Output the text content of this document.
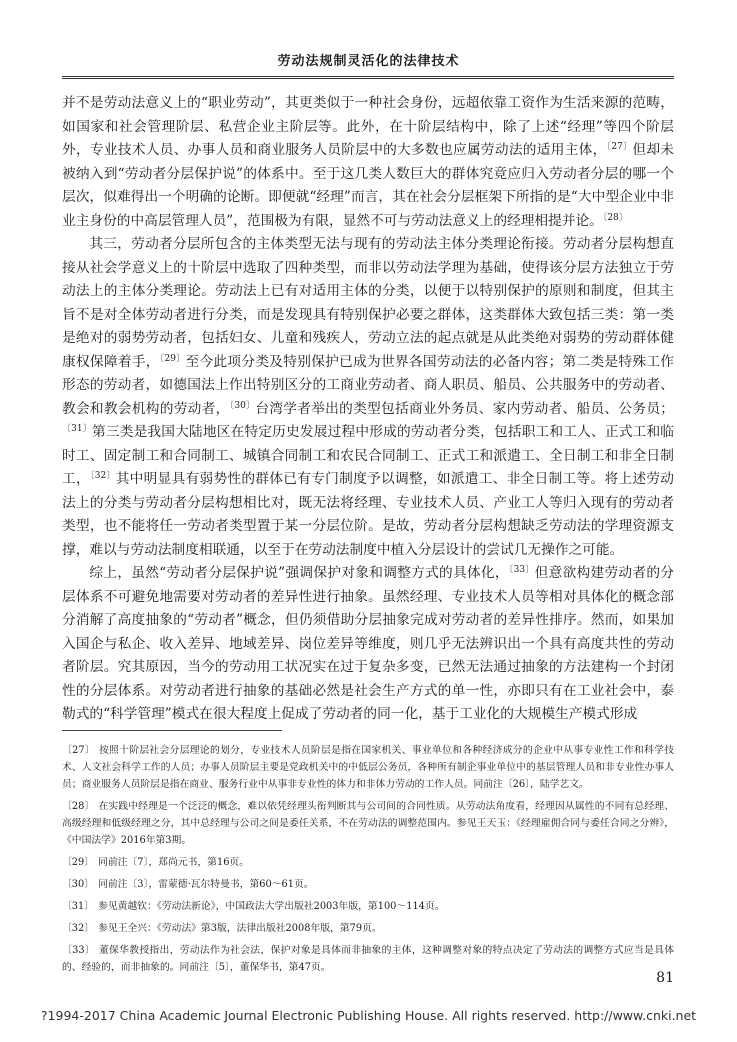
劳动法规制灵活化的法律技术

并不是劳动法意义上的“职业劳动”，其更类似于一种社会身份，远超依靠工资作为生活来源的范畴，如国家和社会管理阶层、私营企业主阶层等。此外，在十阶层结构中，除了上述“经理”等四个阶层外，专业技术人员、办事人员和商业服务人员阶层中的大多数也应属劳动法的适用主体，$^{〔27〕}$但却未被纳入到“劳动者分层保护说”的体系中。至于这几类人数巨大的群体究竟应归入劳动者分层的哪一个层次，似难得出一个明确的论断。即便就“经理”而言，其在社会分层框架下所指的是“大中型企业中非业主身份的中高层管理人员”，范围极为有限，显然不可与劳动法意义上的经理相提并论。$^{〔28〕}$

其三，劳动者分层所包含的主体类型无法与现有的劳动法主体分类理论衔接。劳动者分层构想直接从社会学意义上的十阶层中选取了四种类型，而非以劳动法学理为基础，使得该分层方法独立于劳动法上的主体分类理论。劳动法上已有对适用主体的分类，以便于以特别保护的原则和制度，但其主旨不是对全体劳动者进行分类，而是发现具有特别保护必要之群体，这类群体大致包括三类：第一类是绝对的弱势劳动者，包括妇女、儿童和残疾人，劳动立法的起点就是从此类绝对弱势的劳动群体健康权保障着手，$^{〔29〕}$至今此项分类及特别保护已成为世界各国劳动法的必备内容；第二类是特殊工作形态的劳动者，如德国法上作出特别区分的工商业劳动者、商人职员、船员、公共服务中的劳动者、教会和教会机构的劳动者，$^{〔30〕}$台湾学者举出的类型包括商业外务员、家内劳动者、船员、公务员；$^{〔31〕}$第三类是我国大陆地区在特定历史发展过程中形成的劳动者分类，包括职工和工人、正式工和临时工、固定制工和合同制工、城镇合同制工和农民合同制工、正式工和派遣工、全日制工和非全日制工，$^{〔32〕}$其中明显具有弱势性的群体已有专门制度予以调整，如派遣工、非全日制工等。将上述劳动法上的分类与劳动者分层构想相比对，既无法将经理、专业技术人员、产业工人等归入现有的劳动者类型，也不能将任一劳动者类型置于某一分层位阶。是故，劳动者分层构想缺乏劳动法的学理资源支撑，难以与劳动法制度相联通，以至于在劳动法制度中植入分层设计的尝试几无操作之可能。

综上，虽然“劳动者分层保护说”强调保护对象和调整方式的具体化，$^{〔33〕}$但意欲构建劳动者的分层体系不可避免地需要对劳动者的差异性进行抽象。虽然经理、专业技术人员等相对具体化的概念部分消解了高度抽象的“劳动者”概念，但仍须借助分层抽象完成对劳动者的差异性排序。然而，如果加入国企与私企、收入差异、地域差异、岗位差异等维度，则几乎无法辨识出一个具有高度共性的劳动者阶层。究其原因，当今的劳动用工状况实在过于复杂多变，已然无法通过抽象的方法建构一个封闭性的分层体系。对劳动者进行抽象的基础必然是社会生产方式的单一性，亦即只有在工业社会中，泰勒式的“科学管理”模式在很大程度上促成了劳动者的同一化，基于工业化的大规模生产模式形成

〔27〕 按照十阶层社会分层理论的划分，专业技术人员阶层是指在国家机关、事业单位和各种经济成分的企业中从事专业性工作和科学技术、人文社会科学工作的人员；办事人员阶层主要是党政机关中的中低层公务员，各种所有制企事业单位中的基层管理人员和非专业性办事人员；商业服务人员阶层是指在商业、服务行业中从事非专业性的体力和非体力劳动的工作人员。同前注〔26〕，陆学艺文。
〔28〕 在实践中经理是一个泛泛的概念，难以依凭经理头衔判断其与公司间的合同性质。从劳动法角度看，经理因从属性的不同有总经理、高级经理和低级经理之分，其中总经理与公司之间是委任关系，不在劳动法的调整范围内。参见王天玉：《经理雇佣合同与委任合同之分辨》，《中国法学》2016年第3期。
〔29〕 同前注〔7〕，郑尚元书，第16页。
〔30〕 同前注〔3〕，雷蒙德·瓦尔特曼书，第60～61页。
〔31〕 参见黄越钦：《劳动法新论》，中国政法大学出版社2003年版，第100～114页。
〔32〕 参见王全兴：《劳动法》第3版，法律出版社2008年版，第79页。
〔33〕 董保华教授指出，劳动法作为社会法，保护对象是具体而非抽象的主体，这种调整对象的特点决定了劳动法的调整方式应当是具体的、经验的，而非抽象的。同前注〔5〕，董保华书，第47页。
81
?1994-2017 China Academic Journal Electronic Publishing House. All rights reserved. http://www.cnki.net
